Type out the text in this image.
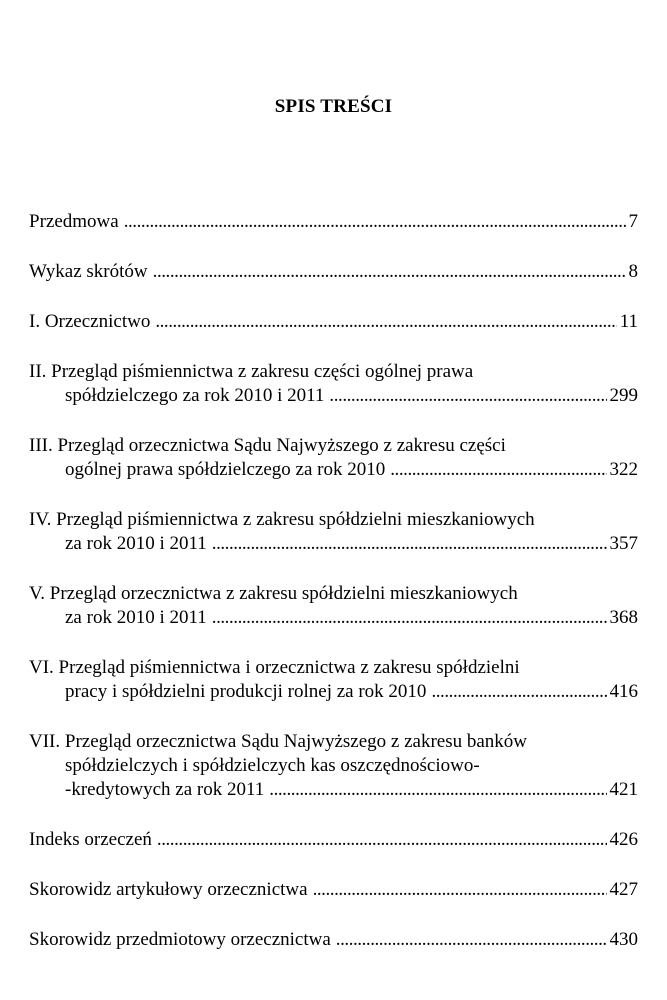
SPIS TREŚCI
Przedmowa . . .	7
Wykaz skrótów . . .	8
I. Orzecznictwo . . .	11
II. Przegląd piśmiennictwa z zakresu części ogólnej prawa
spółdzielczego za rok 2010 i 2011 . . .	299
III. Przegląd orzecznictwa Sądu Najwyższego z zakresu części
ogólnej prawa spółdzielczego za rok 2010 . . .	322
IV. Przegląd piśmiennictwa z zakresu spółdzielni mieszkaniowych
za rok 2010 i 2011 . . .	357
V. Przegląd orzecznictwa z zakresu spółdzielni mieszkaniowych
za rok 2010 i 2011 . . .	368
VI. Przegląd piśmiennictwa i orzecznictwa z zakresu spółdzielni
pracy i spółdzielni produkcji rolnej za rok 2010 . . .	416
VII. Przegląd orzecznictwa Sądu Najwyższego z zakresu banków
spółdzielczych i spółdzielczych kas oszczędnościowo-
-kredytowych za rok 2011 . . .	421
Indeks orzeczeń . . .	426
Skorowidz artykułowy orzecznictwa . . .	427
Skorowidz przedmiotowy orzecznictwa . . .	430
